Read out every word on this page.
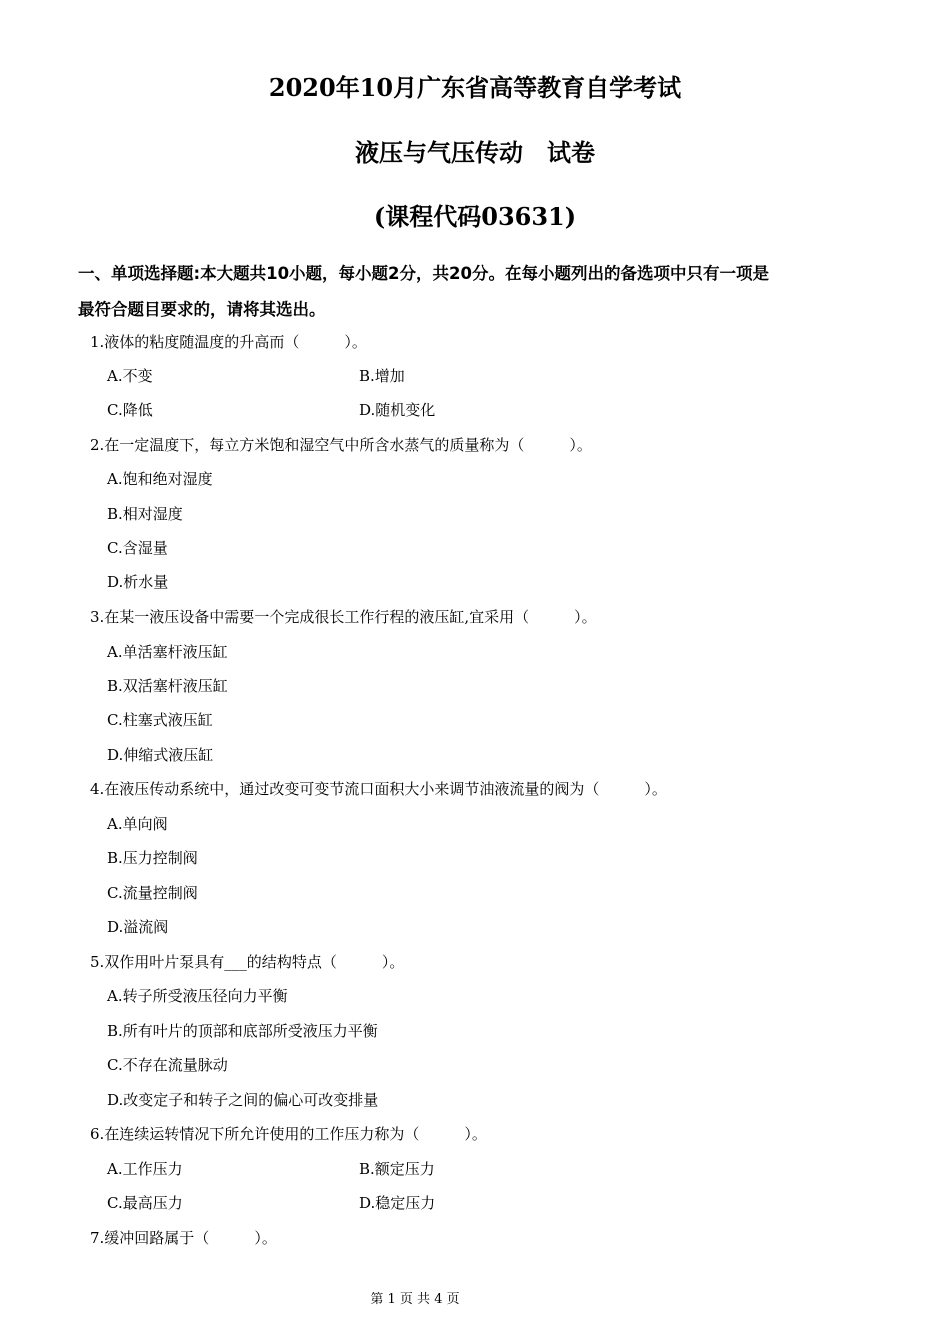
2020年10月广东省高等教育自学考试
液压与气压传动　试卷
(课程代码03631)
一、单项选择题:本大题共10小题，每小题2分，共20分。在每小题列出的备选项中只有一项是
最符合题目要求的，请将其选出。
1.液体的粘度随温度的升高而（　　　）。
A.不变	B.增加
C.降低	D.随机变化
2.在一定温度下，每立方米饱和湿空气中所含水蒸气的质量称为（　　　）。
A.饱和绝对湿度
B.相对湿度
C.含湿量
D.析水量
3.在某一液压设备中需要一个完成很长工作行程的液压缸,宜采用（　　　）。
A.单活塞杆液压缸
B.双活塞杆液压缸
C.柱塞式液压缸
D.伸缩式液压缸
4.在液压传动系统中，通过改变可变节流口面积大小来调节油液流量的阀为（　　　）。
A.单向阀
B.压力控制阀
C.流量控制阀
D.溢流阀
5.双作用叶片泵具有___的结构特点（　　　）。
A.转子所受液压径向力平衡
B.所有叶片的顶部和底部所受液压力平衡
C.不存在流量脉动
D.改变定子和转子之间的偏心可改变排量
6.在连续运转情况下所允许使用的工作压力称为（　　　）。
A.工作压力	B.额定压力
C.最高压力	D.稳定压力
7.缓冲回路属于（　　　）。
第 1 页 共 4 页
